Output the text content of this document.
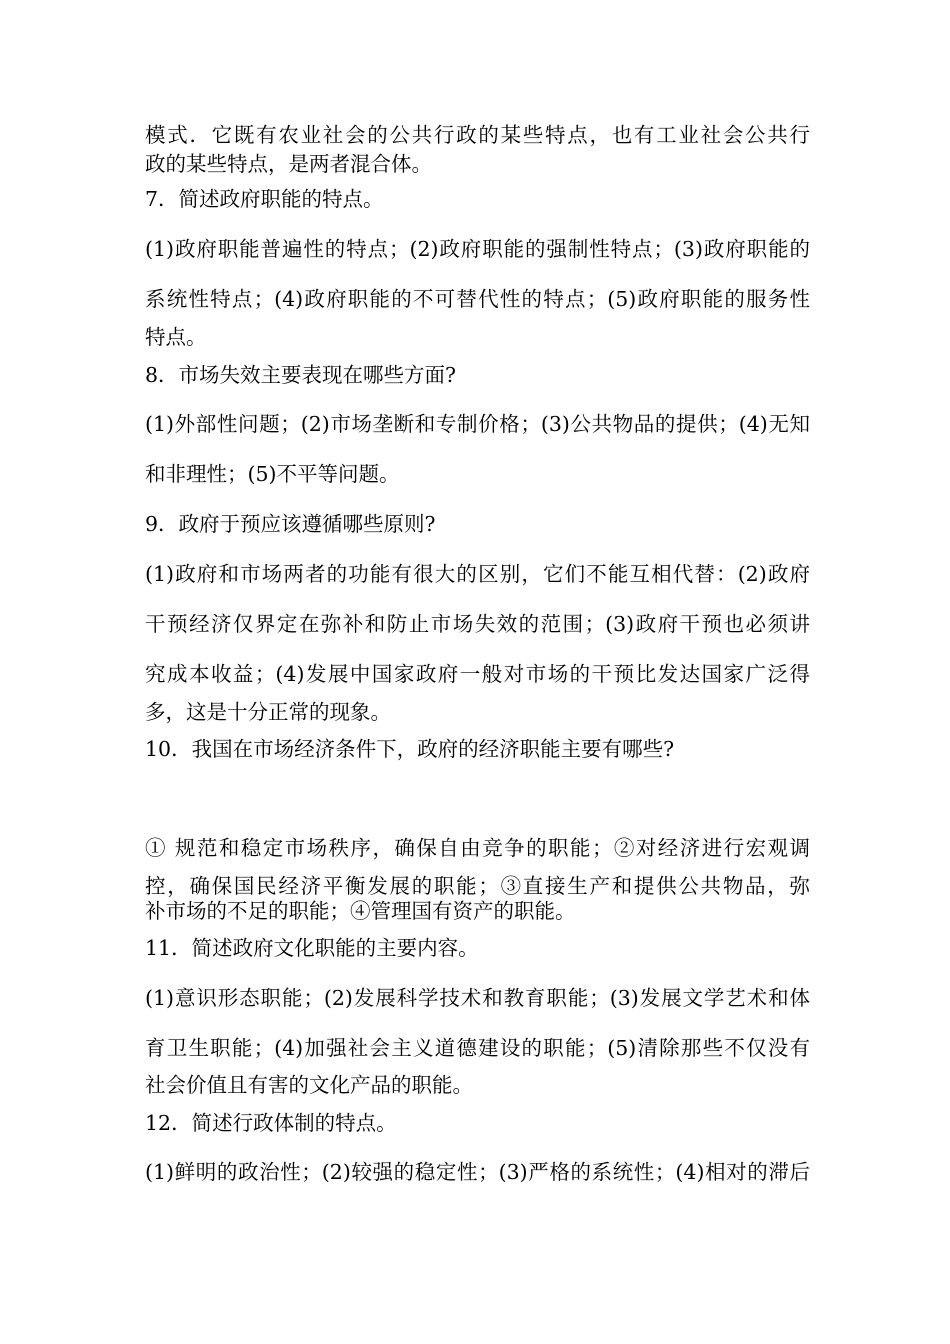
模式．它既有农业社会的公共行政的某些特点，也有工业社会公共行
政的某些特点，是两者混合体。
7．简述政府职能的特点。
(1)政府职能普遍性的特点；(2)政府职能的强制性特点；(3)政府职能的
系统性特点；(4)政府职能的不可替代性的特点；(5)政府职能的服务性
特点。
8．市场失效主要表现在哪些方面?
(1)外部性问题；(2)市场垄断和专制价格；(3)公共物品的提供；(4)无知
和非理性；(5)不平等问题。
9．政府于预应该遵循哪些原则?
(1)政府和市场两者的功能有很大的区别，它们不能互相代替：(2)政府
干预经济仅界定在弥补和防止市场失效的范围；(3)政府干预也必须讲
究成本收益；(4)发展中国家政府一般对市场的干预比发达国家广泛得
多，这是十分正常的现象。
10．我国在市场经济条件下，政府的经济职能主要有哪些?
① 规范和稳定市场秩序，确保自由竞争的职能；②对经济进行宏观调
控，确保国民经济平衡发展的职能；③直接生产和提供公共物品，弥
补市场的不足的职能；④管理国有资产的职能。
11．简述政府文化职能的主要内容。
(1)意识形态职能；(2)发展科学技术和教育职能；(3)发展文学艺术和体
育卫生职能；(4)加强社会主义道德建设的职能；(5)清除那些不仅没有
社会价值且有害的文化产品的职能。
12．简述行政体制的特点。
(1)鲜明的政治性；(2)较强的稳定性；(3)严格的系统性；(4)相对的滞后
